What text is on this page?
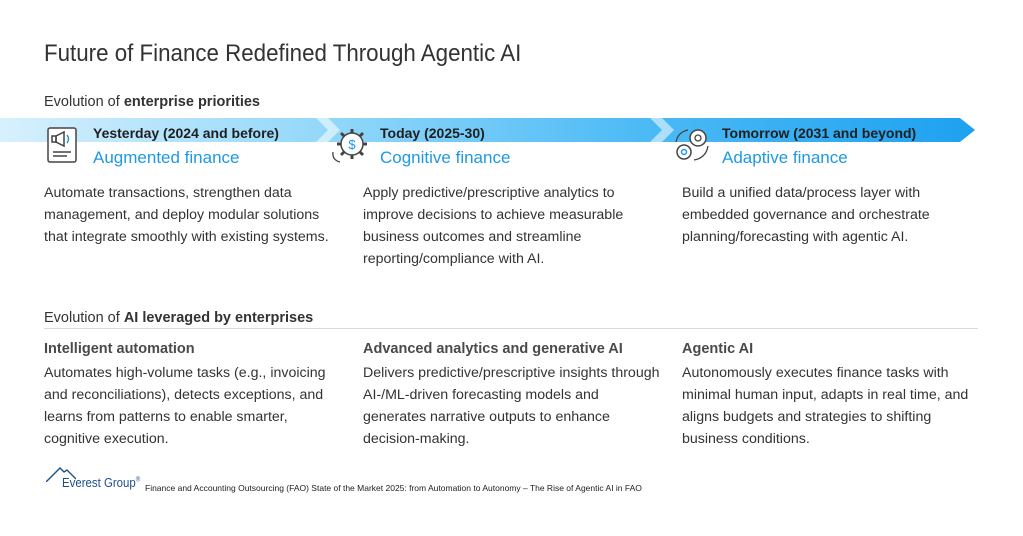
Future of Finance Redefined Through Agentic AI
Evolution of enterprise priorities
Yesterday (2024 and before)
Augmented finance
Automate transactions, strengthen data management, and deploy modular solutions that integrate smoothly with existing systems.
$
Today (2025-30)
Cognitive finance
Apply predictive/prescriptive analytics to improve decisions to achieve measurable business outcomes and streamline reporting/compliance with AI.
Tomorrow (2031 and beyond)
Adaptive finance
Build a unified data/process layer with embedded governance and orchestrate planning/forecasting with agentic AI.
Evolution of AI leveraged by enterprises
Intelligent automation
Automates high-volume tasks (e.g., invoicing and reconciliations), detects exceptions, and learns from patterns to enable smarter, cognitive execution.
Advanced analytics and generative AI
Delivers predictive/prescriptive insights through AI-/ML-driven forecasting models and generates narrative outputs to enhance decision-making.
Agentic AI
Autonomously executes finance tasks with minimal human input, adapts in real time, and aligns budgets and strategies to shifting business conditions.
Everest Group®
Finance and Accounting Outsourcing (FAO) State of the Market 2025: from Automation to Autonomy – The Rise of Agentic AI in FAO
